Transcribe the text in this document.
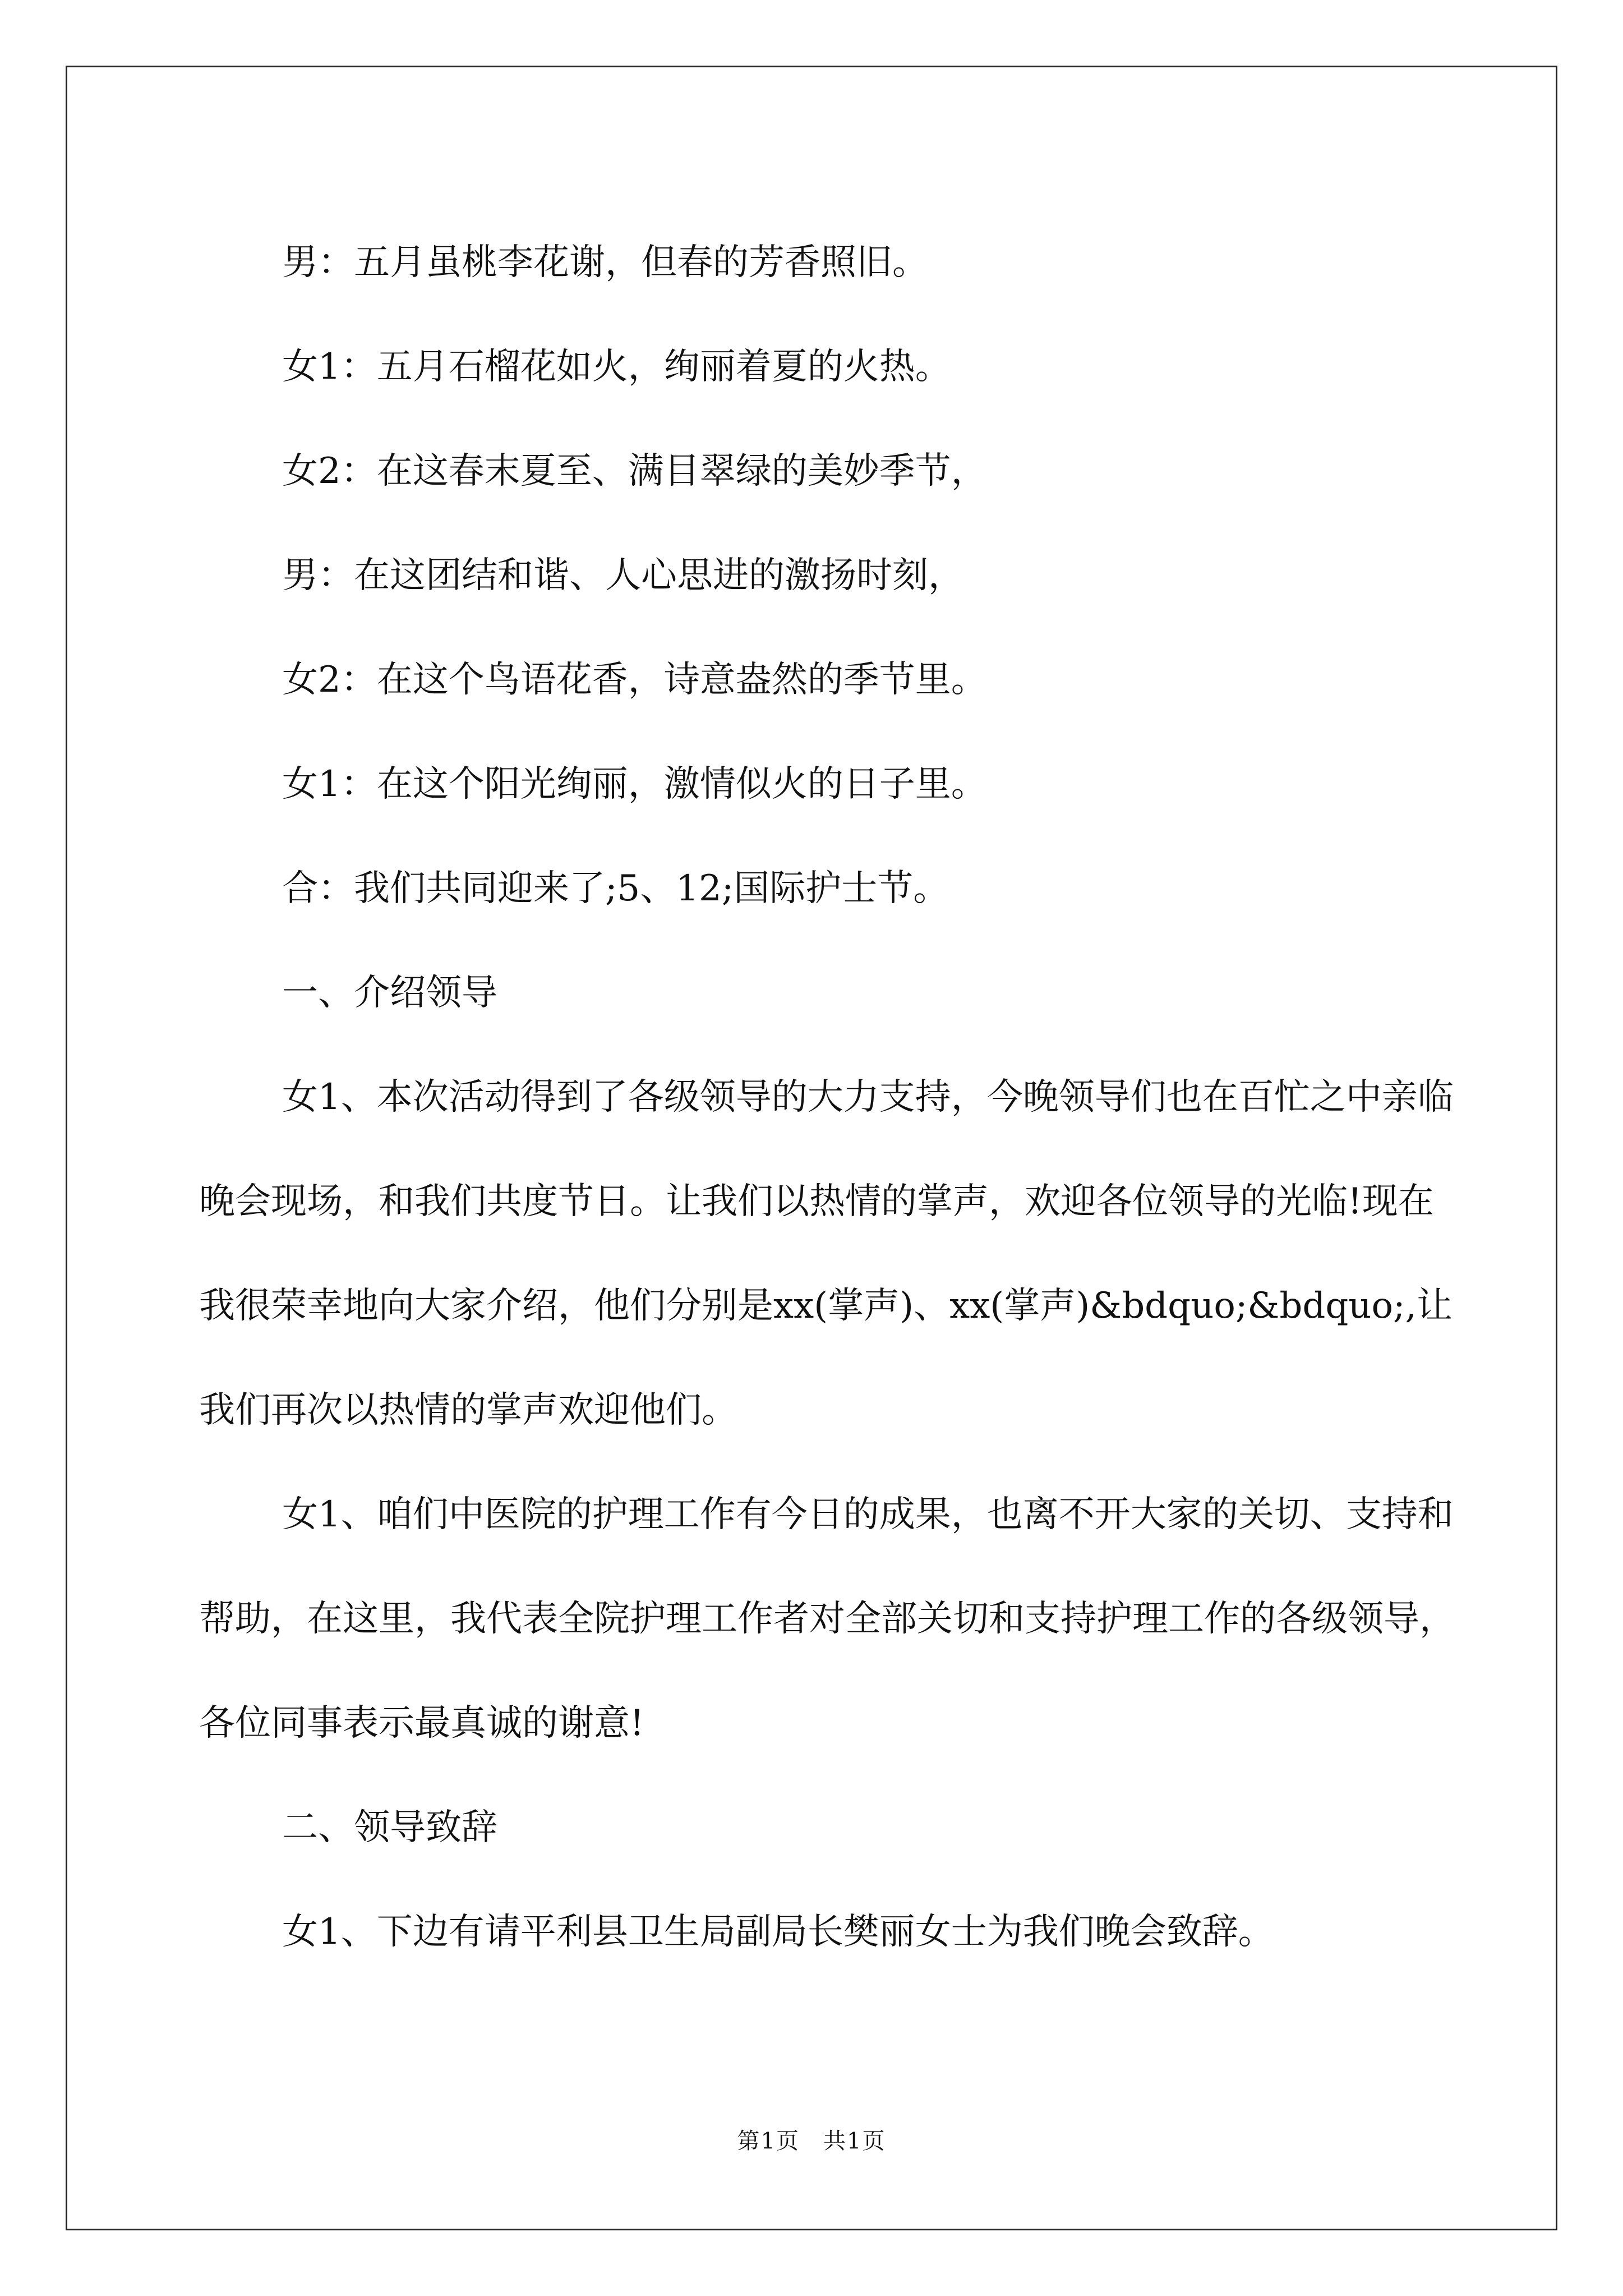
男：五月虽桃李花谢，但春的芳香照旧。

女1：五月石榴花如火，绚丽着夏的火热。

女2：在这春末夏至、满目翠绿的美妙季节，

男：在这团结和谐、人心思进的激扬时刻，

女2：在这个鸟语花香，诗意盎然的季节里。

女1：在这个阳光绚丽，激情似火的日子里。

合：我们共同迎来了;5、12;国际护士节。

一、介绍领导

女1、本次活动得到了各级领导的大力支持，今晚领导们也在百忙之中亲临晚会现场，和我们共度节日。让我们以热情的掌声，欢迎各位领导的光临!现在我很荣幸地向大家介绍，他们分别是xx(掌声)、xx(掌声)&bdquo;&bdquo;,让我们再次以热情的掌声欢迎他们。

女1、咱们中医院的护理工作有今日的成果，也离不开大家的关切、支持和帮助，在这里，我代表全院护理工作者对全部关切和支持护理工作的各级领导，各位同事表示最真诚的谢意!

二、领导致辞

女1、下边有请平利县卫生局副局长樊丽女士为我们晚会致辞。

第1页　共1页
